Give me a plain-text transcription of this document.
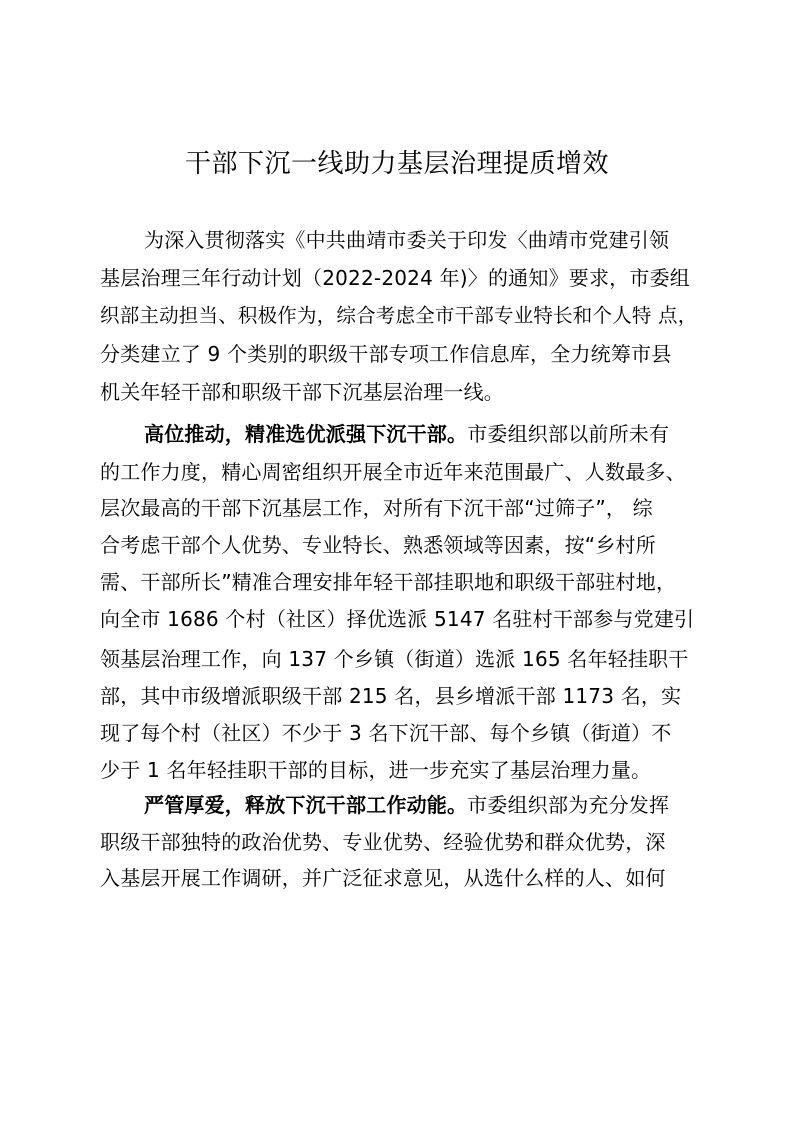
干部下沉一线助力基层治理提质增效

为深入贯彻落实《中共曲靖市委关于印发〈曲靖市党建引领

基层治理三年行动计划（2022-2024 年)〉的通知》要求，市委组

织部主动担当、积极作为，综合考虑全市干部专业特长和个人特 点，

分类建立了 9 个类别的职级干部专项工作信息库，全力统筹市县

机关年轻干部和职级干部下沉基层治理一线。

高位推动，精准选优派强下沉干部。市委组织部以前所未有

的工作力度，精心周密组织开展全市近年来范围最广、人数最多、

层次最高的干部下沉基层工作，对所有下沉干部“过筛子”， 综

合考虑干部个人优势、专业特长、熟悉领域等因素，按“乡村所

需、干部所长”精准合理安排年轻干部挂职地和职级干部驻村地，

向全市 1686 个村（社区）择优选派 5147 名驻村干部参与党建引

领基层治理工作，向 137 个乡镇（街道）选派 165 名年轻挂职干

部，其中市级增派职级干部 215 名，县乡增派干部 1173 名，实

现了每个村（社区）不少于 3 名下沉干部、每个乡镇（街道）不

少于 1 名年轻挂职干部的目标，进一步充实了基层治理力量。

严管厚爱，释放下沉干部工作动能。市委组织部为充分发挥

职级干部独特的政治优势、专业优势、经验优势和群众优势，深

入基层开展工作调研，并广泛征求意见，从选什么样的人、如何
